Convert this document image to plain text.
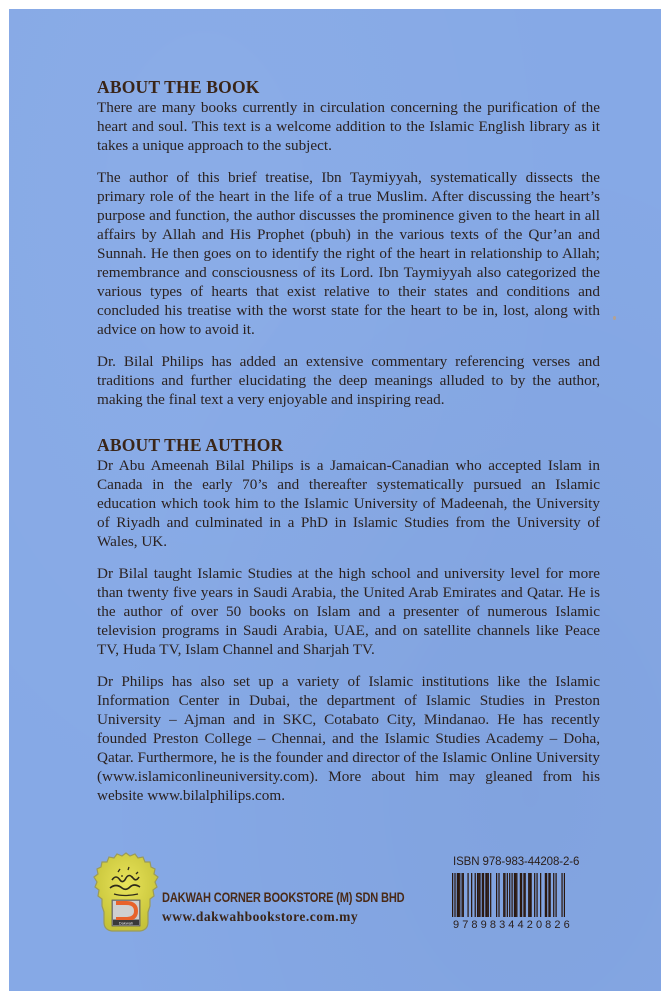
ABOUT THE BOOK

There are many books currently in circulation concerning the purification of the heart and soul. This text is a welcome addition to the Islamic English library as it takes a unique approach to the subject.

The author of this brief treatise, Ibn Taymiyyah, systematically dissects the primary role of the heart in the life of a true Muslim. After discussing the heart’s purpose and function, the author discusses the prominence given to the heart in all affairs by Allah and His Prophet (pbuh) in the various texts of the Qur’an and Sunnah. He then goes on to identify the right of the heart in relationship to Allah; remembrance and consciousness of its Lord. Ibn Taymiyyah also categorized the various types of hearts that exist relative to their states and conditions and concluded his treatise with the worst state for the heart to be in, lost, along with advice on how to avoid it.

Dr. Bilal Philips has added an extensive commentary referencing verses and traditions and further elucidating the deep meanings alluded to by the author, making the final text a very enjoyable and inspiring read.

ABOUT THE AUTHOR

Dr Abu Ameenah Bilal Philips is a Jamaican-Canadian who accepted Islam in Canada in the early 70’s and thereafter systematically pursued an Islamic education which took him to the Islamic University of Madeenah, the University of Riyadh and culminated in a PhD in Islamic Studies from the University of Wales, UK.

Dr Bilal taught Islamic Studies at the high school and university level for more than twenty five years in Saudi Arabia, the United Arab Emirates and Qatar. He is the author of over 50 books on Islam and a presenter of numerous Islamic television programs in Saudi Arabia, UAE, and on satellite channels like Peace TV, Huda TV, Islam Channel and Sharjah TV.

Dr Philips has also set up a variety of Islamic institutions like the Islamic Information Center in Dubai, the department of Islamic Studies in Preston University – Ajman and in SKC, Cotabato City, Mindanao. He has recently founded Preston College – Chennai, and the Islamic Studies Academy – Doha, Qatar. Furthermore, he is the founder and director of the Islamic Online University (www.islamiconlineuniversity.com). More about him may gleaned from his website www.bilalphilips.com.

Dakwah
DAKWAH CORNER BOOKSTORE (M) SDN BHD
www.dakwahbookstore.com.my
ISBN 978-983-44208-2-6
9789834420826
